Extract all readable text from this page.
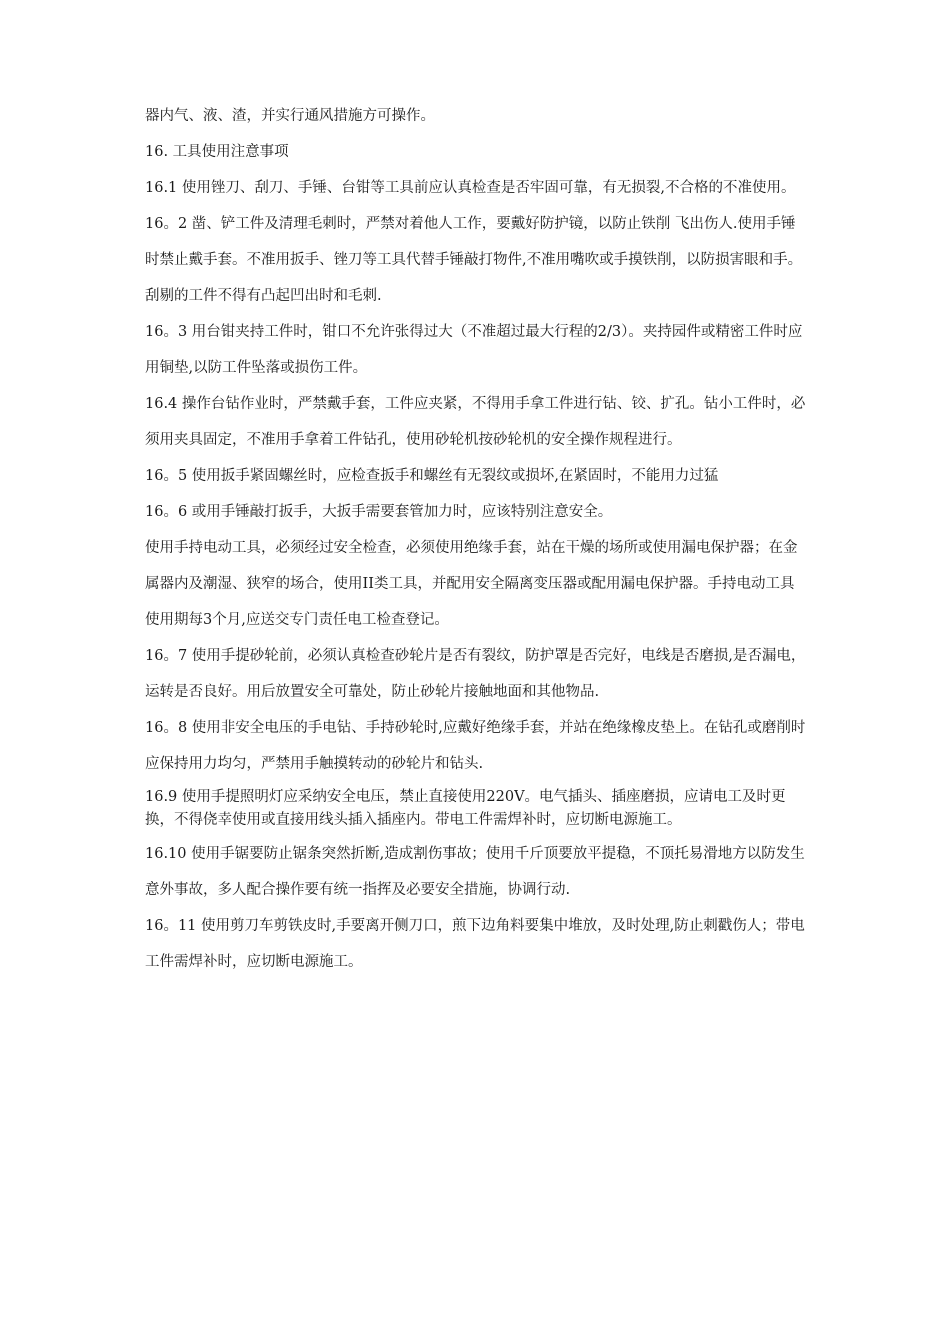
器内气、液、渣，并实行通风措施方可操作。

16. 工具使用注意事项

16.1 使用锉刀、刮刀、手锤、台钳等工具前应认真检查是否牢固可靠，有无损裂,不合格的不准使用。

16。2 凿、铲工件及清理毛刺时，严禁对着他人工作，要戴好防护镜，以防止铁削 飞出伤人.使用手锤时禁止戴手套。不准用扳手、锉刀等工具代替手锤敲打物件,不准用嘴吹或手摸铁削，以防损害眼和手。刮剔的工件不得有凸起凹出时和毛刺.

16。3 用台钳夹持工件时，钳口不允许张得过大（不准超过最大行程的2/3）。夹持园件或精密工件时应用铜垫,以防工件坠落或损伤工件。

16.4 操作台钻作业时，严禁戴手套，工件应夹紧，不得用手拿工件进行钻、铰、扩孔。钻小工件时，必须用夹具固定，不准用手拿着工件钻孔，使用砂轮机按砂轮机的安全操作规程进行。

16。5 使用扳手紧固螺丝时，应检查扳手和螺丝有无裂纹或损坏,在紧固时，不能用力过猛

16。6 或用手锤敲打扳手，大扳手需要套管加力时，应该特别注意安全。

使用手持电动工具，必须经过安全检查，必须使用绝缘手套，站在干燥的场所或使用漏电保护器；在金属器内及潮湿、狭窄的场合，使用II类工具，并配用安全隔离变压器或配用漏电保护器。手持电动工具使用期每3个月,应送交专门责任电工检查登记。

16。7 使用手提砂轮前，必须认真检查砂轮片是否有裂纹，防护罩是否完好，电线是否磨损,是否漏电，运转是否良好。用后放置安全可靠处，防止砂轮片接触地面和其他物品.

16。8 使用非安全电压的手电钻、手持砂轮时,应戴好绝缘手套，并站在绝缘橡皮垫上。在钻孔或磨削时应保持用力均匀，严禁用手触摸转动的砂轮片和钻头.

16.9 使用手提照明灯应采纳安全电压，禁止直接使用220V。电气插头、插座磨损，应请电工及时更换，不得侥幸使用或直接用线头插入插座内。带电工件需焊补时，应切断电源施工。

16.10 使用手锯要防止锯条突然折断,造成割伤事故；使用千斤顶要放平提稳，不顶托易滑地方以防发生意外事故，多人配合操作要有统一指挥及必要安全措施，协调行动.

16。11 使用剪刀车剪铁皮时,手要离开侧刀口，煎下边角料要集中堆放，及时处理,防止刺戳伤人；带电工件需焊补时，应切断电源施工。
